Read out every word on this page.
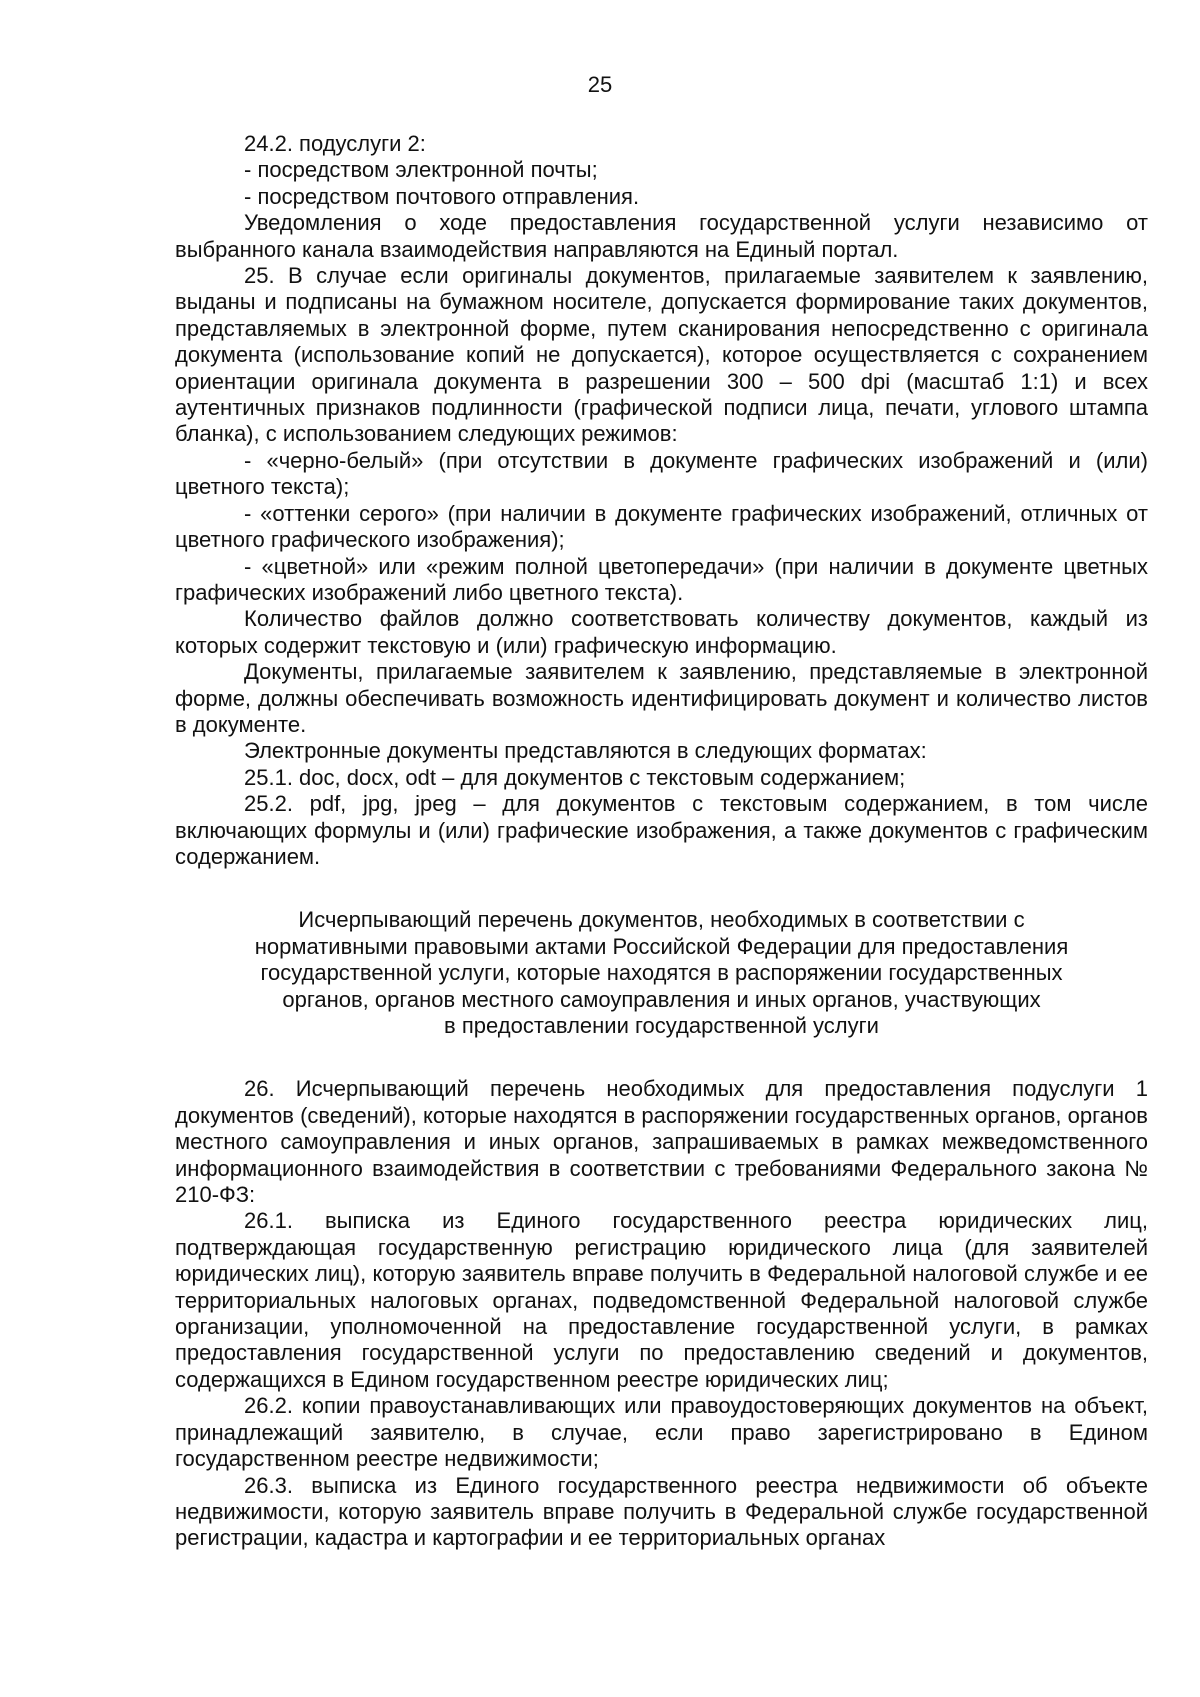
25

24.2. подуслуги 2:

- посредством электронной почты;

- посредством почтового отправления.

Уведомления о ходе предоставления государственной услуги независимо от выбранного канала взаимодействия направляются на Единый портал.

25. В случае если оригиналы документов, прилагаемые заявителем к заявлению, выданы и подписаны на бумажном носителе, допускается формирование таких документов, представляемых в электронной форме, путем сканирования непосредственно с оригинала документа (использование копий не допускается), которое осуществляется с сохранением ориентации оригинала документа в разрешении 300 – 500 dpi (масштаб 1:1) и всех аутентичных признаков подлинности (графической подписи лица, печати, углового штампа бланка), с использованием следующих режимов:

- «черно-белый» (при отсутствии в документе графических изображений и (или) цветного текста);

- «оттенки серого» (при наличии в документе графических изображений, отличных от цветного графического изображения);

- «цветной» или «режим полной цветопередачи» (при наличии в документе цветных графических изображений либо цветного текста).

Количество файлов должно соответствовать количеству документов, каждый из которых содержит текстовую и (или) графическую информацию.

Документы, прилагаемые заявителем к заявлению, представляемые в электронной форме, должны обеспечивать возможность идентифицировать документ и количество листов в документе.

Электронные документы представляются в следующих форматах:

25.1. doc, docx, odt – для документов с текстовым содержанием;

25.2. pdf, jpg, jpeg – для документов с текстовым содержанием, в том числе включающих формулы и (или) графические изображения, а также документов с графическим содержанием.

Исчерпывающий перечень документов, необходимых в соответствии с
нормативными правовыми актами Российской Федерации для предоставления
государственной услуги, которые находятся в распоряжении государственных
органов, органов местного самоуправления и иных органов, участвующих
в предоставлении государственной услуги

26. Исчерпывающий перечень необходимых для предоставления подуслуги 1 документов (сведений), которые находятся в распоряжении государственных органов, органов местного самоуправления и иных органов, запрашиваемых в рамках межведомственного информационного взаимодействия в соответствии с требованиями Федерального закона № 210-ФЗ:

26.1. выписка из Единого государственного реестра юридических лиц, подтверждающая государственную регистрацию юридического лица (для заявителей юридических лиц), которую заявитель вправе получить в Федеральной налоговой службе и ее территориальных налоговых органах, подведомственной Федеральной налоговой службе организации, уполномоченной на предоставление государственной услуги, в рамках предоставления государственной услуги по предоставлению сведений и документов, содержащихся в Едином государственном реестре юридических лиц;

26.2. копии правоустанавливающих или правоудостоверяющих документов на объект, принадлежащий заявителю, в случае, если право зарегистрировано в Едином государственном реестре недвижимости;

26.3. выписка из Единого государственного реестра недвижимости об объекте недвижимости, которую заявитель вправе получить в Федеральной службе государственной регистрации, кадастра и картографии и ее территориальных органах
